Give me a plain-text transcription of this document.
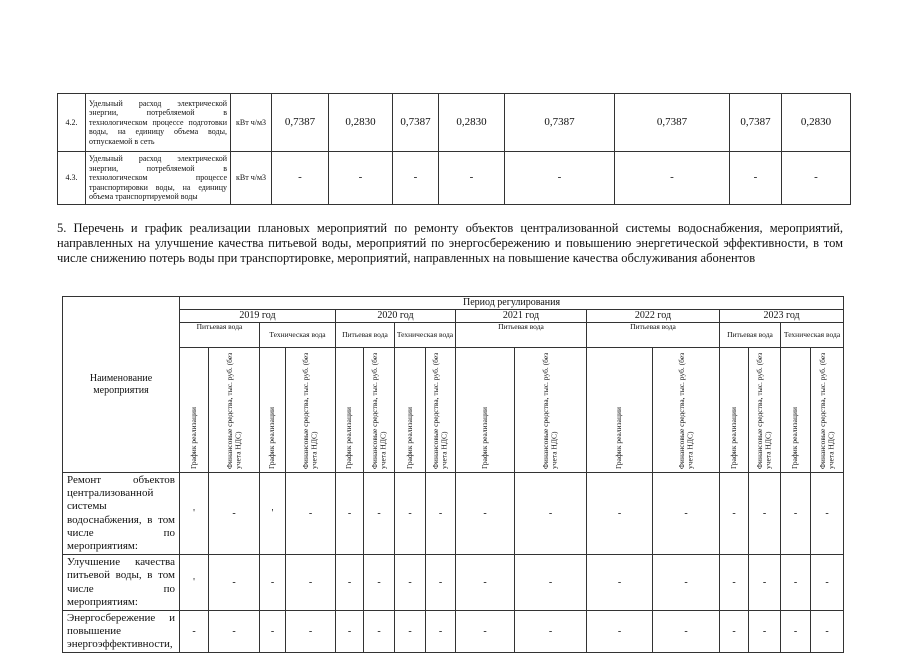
4.2.	Удельный расход электрической энергии, потребляемой в технологическом процессе подготовки воды, на единицу объема воды, отпускаемой в сеть	кВт ч/м3	0,7387	0,2830	0,7387	0,2830	0,7387	0,7387	0,7387	0,2830
4.3.	Удельный расход электрической энергии, потребляемой в технологическом процессе транспортировки воды, на единицу объема транспортируемой воды	кВт ч/м3	-	-	-	-	-	-	-	-

5. Перечень и график реализации плановых мероприятий по ремонту объектов централизованной системы водоснабжения, мероприятий, направленных на улучшение качества питьевой воды, мероприятий по энергосбережению и повышению энергетической эффективности, в том числе снижению потерь воды при транспортировке, мероприятий, направленных на повышение качества обслуживания абонентов

Наименование мероприятия	Период регулирования															
	2019 год				2020 год				2021 год		2022 год		2023 год			
	Питьевая вода		Техническая вода		Питьевая вода		Техническая вода		Питьевая вода		Питьевая вода		Питьевая вода		Техническая вода	

	График реализации	Финансовые средства, тыс. руб. (без учета НДС)	График реализации	Финансовые средства, тыс. руб. (без учета НДС)	График реализации	Финансовые средства, тыс. руб. (без учета НДС)	График реализации	Финансовые средства, тыс. руб. (без учета НДС)	График реализации	Финансовые средства, тыс. руб. (без учета НДС)	График реализации	Финансовые средства, тыс. руб. (без учета НДС)	График реализации	Финансовые средства, тыс. руб. (без учета НДС)	График реализации	Финансовые средства, тыс. руб. (без учета НДС)

Ремонт объектов централизованной системы водоснабжения, в том числе по мероприятиям:	'	-	'	-	-	-	-	-	-	-	-	-	-	-	-	-
Улучшение качества питьевой воды, в том числе по мероприятиям:	'	-	-	-	-	-	-	-	-	-	-	-	-	-	-	-
Энергосбережение и повышение энергоэффективности,	-	-	-	-	-	-	-	-	-	-	-	-	-	-	-	-
